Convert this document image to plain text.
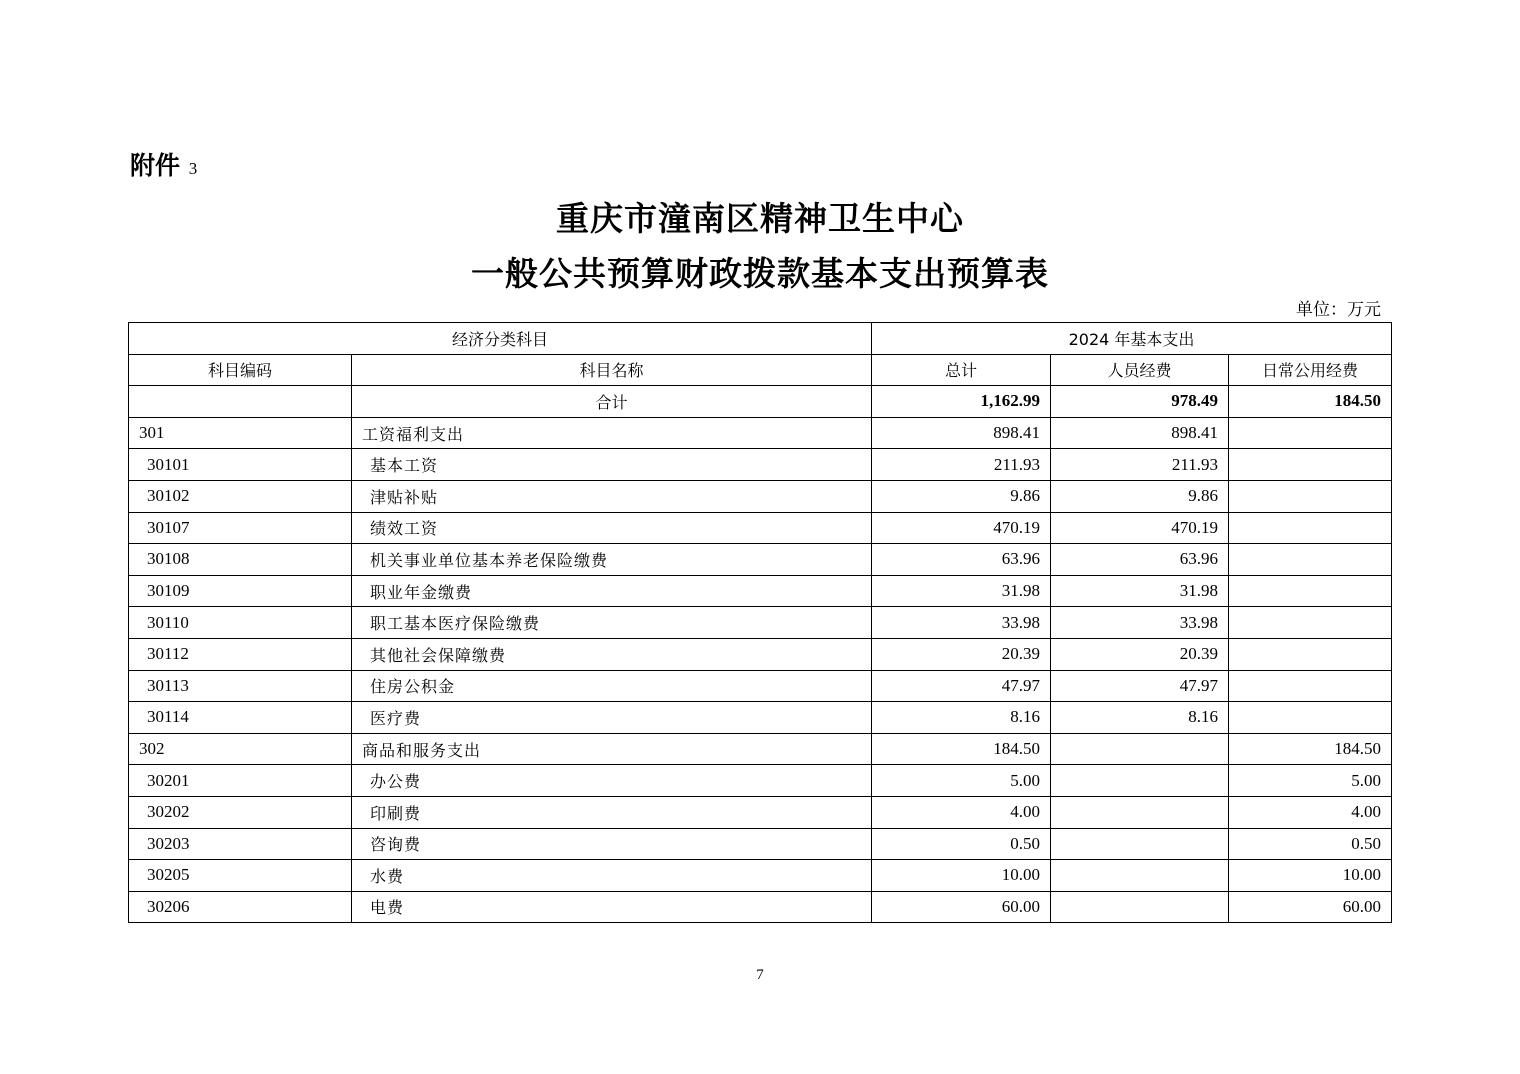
附件 3
重庆市潼南区精神卫生中心
一般公共预算财政拨款基本支出预算表
单位：万元
经济分类科目		2024 年基本支出		
科目编码	科目名称	总计	人员经费	日常公用经费
	合计	1,162.99	978.49	184.50
301	工资福利支出	898.41	898.41	
30101	基本工资	211.93	211.93	
30102	津贴补贴	9.86	9.86	
30107	绩效工资	470.19	470.19	
30108	机关事业单位基本养老保险缴费	63.96	63.96	
30109	职业年金缴费	31.98	31.98	
30110	职工基本医疗保险缴费	33.98	33.98	
30112	其他社会保障缴费	20.39	20.39	
30113	住房公积金	47.97	47.97	
30114	医疗费	8.16	8.16	
302	商品和服务支出	184.50		184.50
30201	办公费	5.00		5.00
30202	印刷费	4.00		4.00
30203	咨询费	0.50		0.50
30205	水费	10.00		10.00
30206	电费	60.00		60.00
7
